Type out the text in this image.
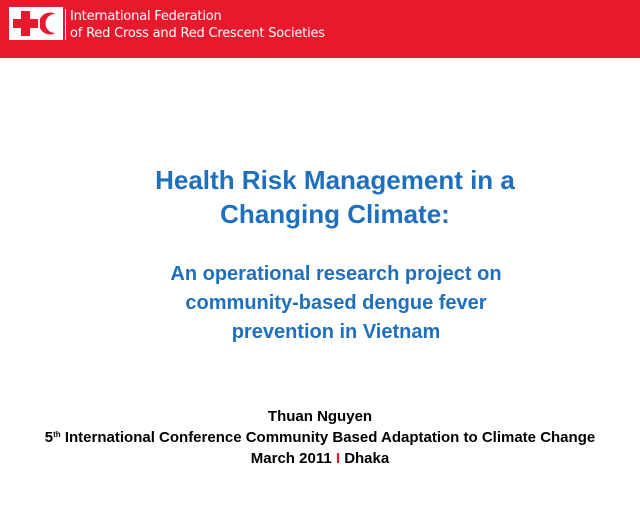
International Federation
of Red Cross and Red Crescent Societies
Health Risk Management in a
Changing Climate:
An operational research project on
community-based dengue fever
prevention in Vietnam
Thuan Nguyen
5th International Conference Community Based Adaptation to Climate Change
March 2011 I Dhaka
